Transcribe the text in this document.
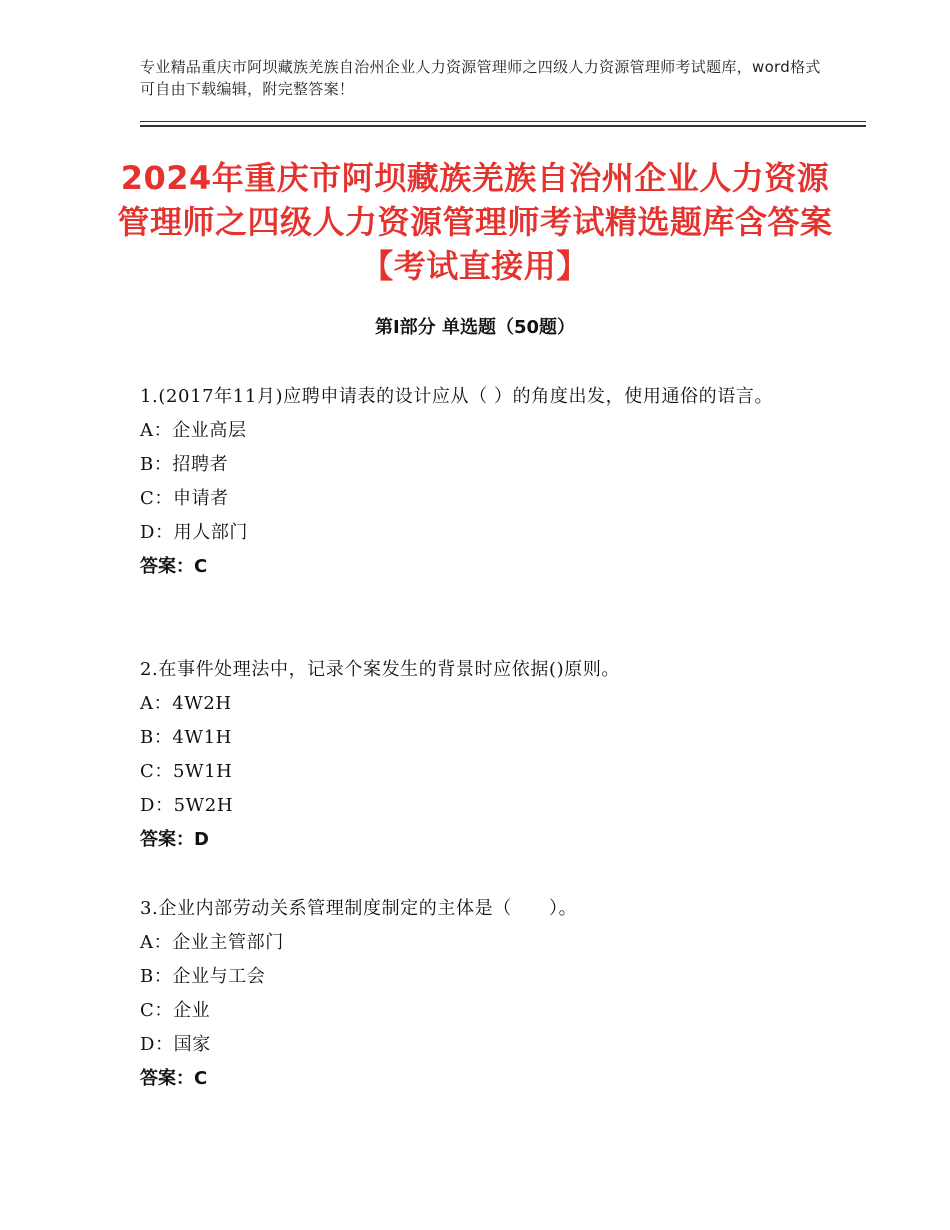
专业精品重庆市阿坝藏族羌族自治州企业人力资源管理师之四级人力资源管理师考试题库，word格式可自由下载编辑，附完整答案！
2024年重庆市阿坝藏族羌族自治州企业人力资源管理师之四级人力资源管理师考试精选题库含答案【考试直接用】
第Ⅰ部分 单选题（50题）
1.(2017年11月)应聘申请表的设计应从（ ）的角度出发，使用通俗的语言。
A：企业高层
B：招聘者
C：申请者
D：用人部门
答案：C
2.在事件处理法中，记录个案发生的背景时应依据()原则。
A：4W2H
B：4W1H
C：5W1H
D：5W2H
答案：D
3.企业内部劳动关系管理制度制定的主体是（　　）。
A：企业主管部门
B：企业与工会
C：企业
D：国家
答案：C
